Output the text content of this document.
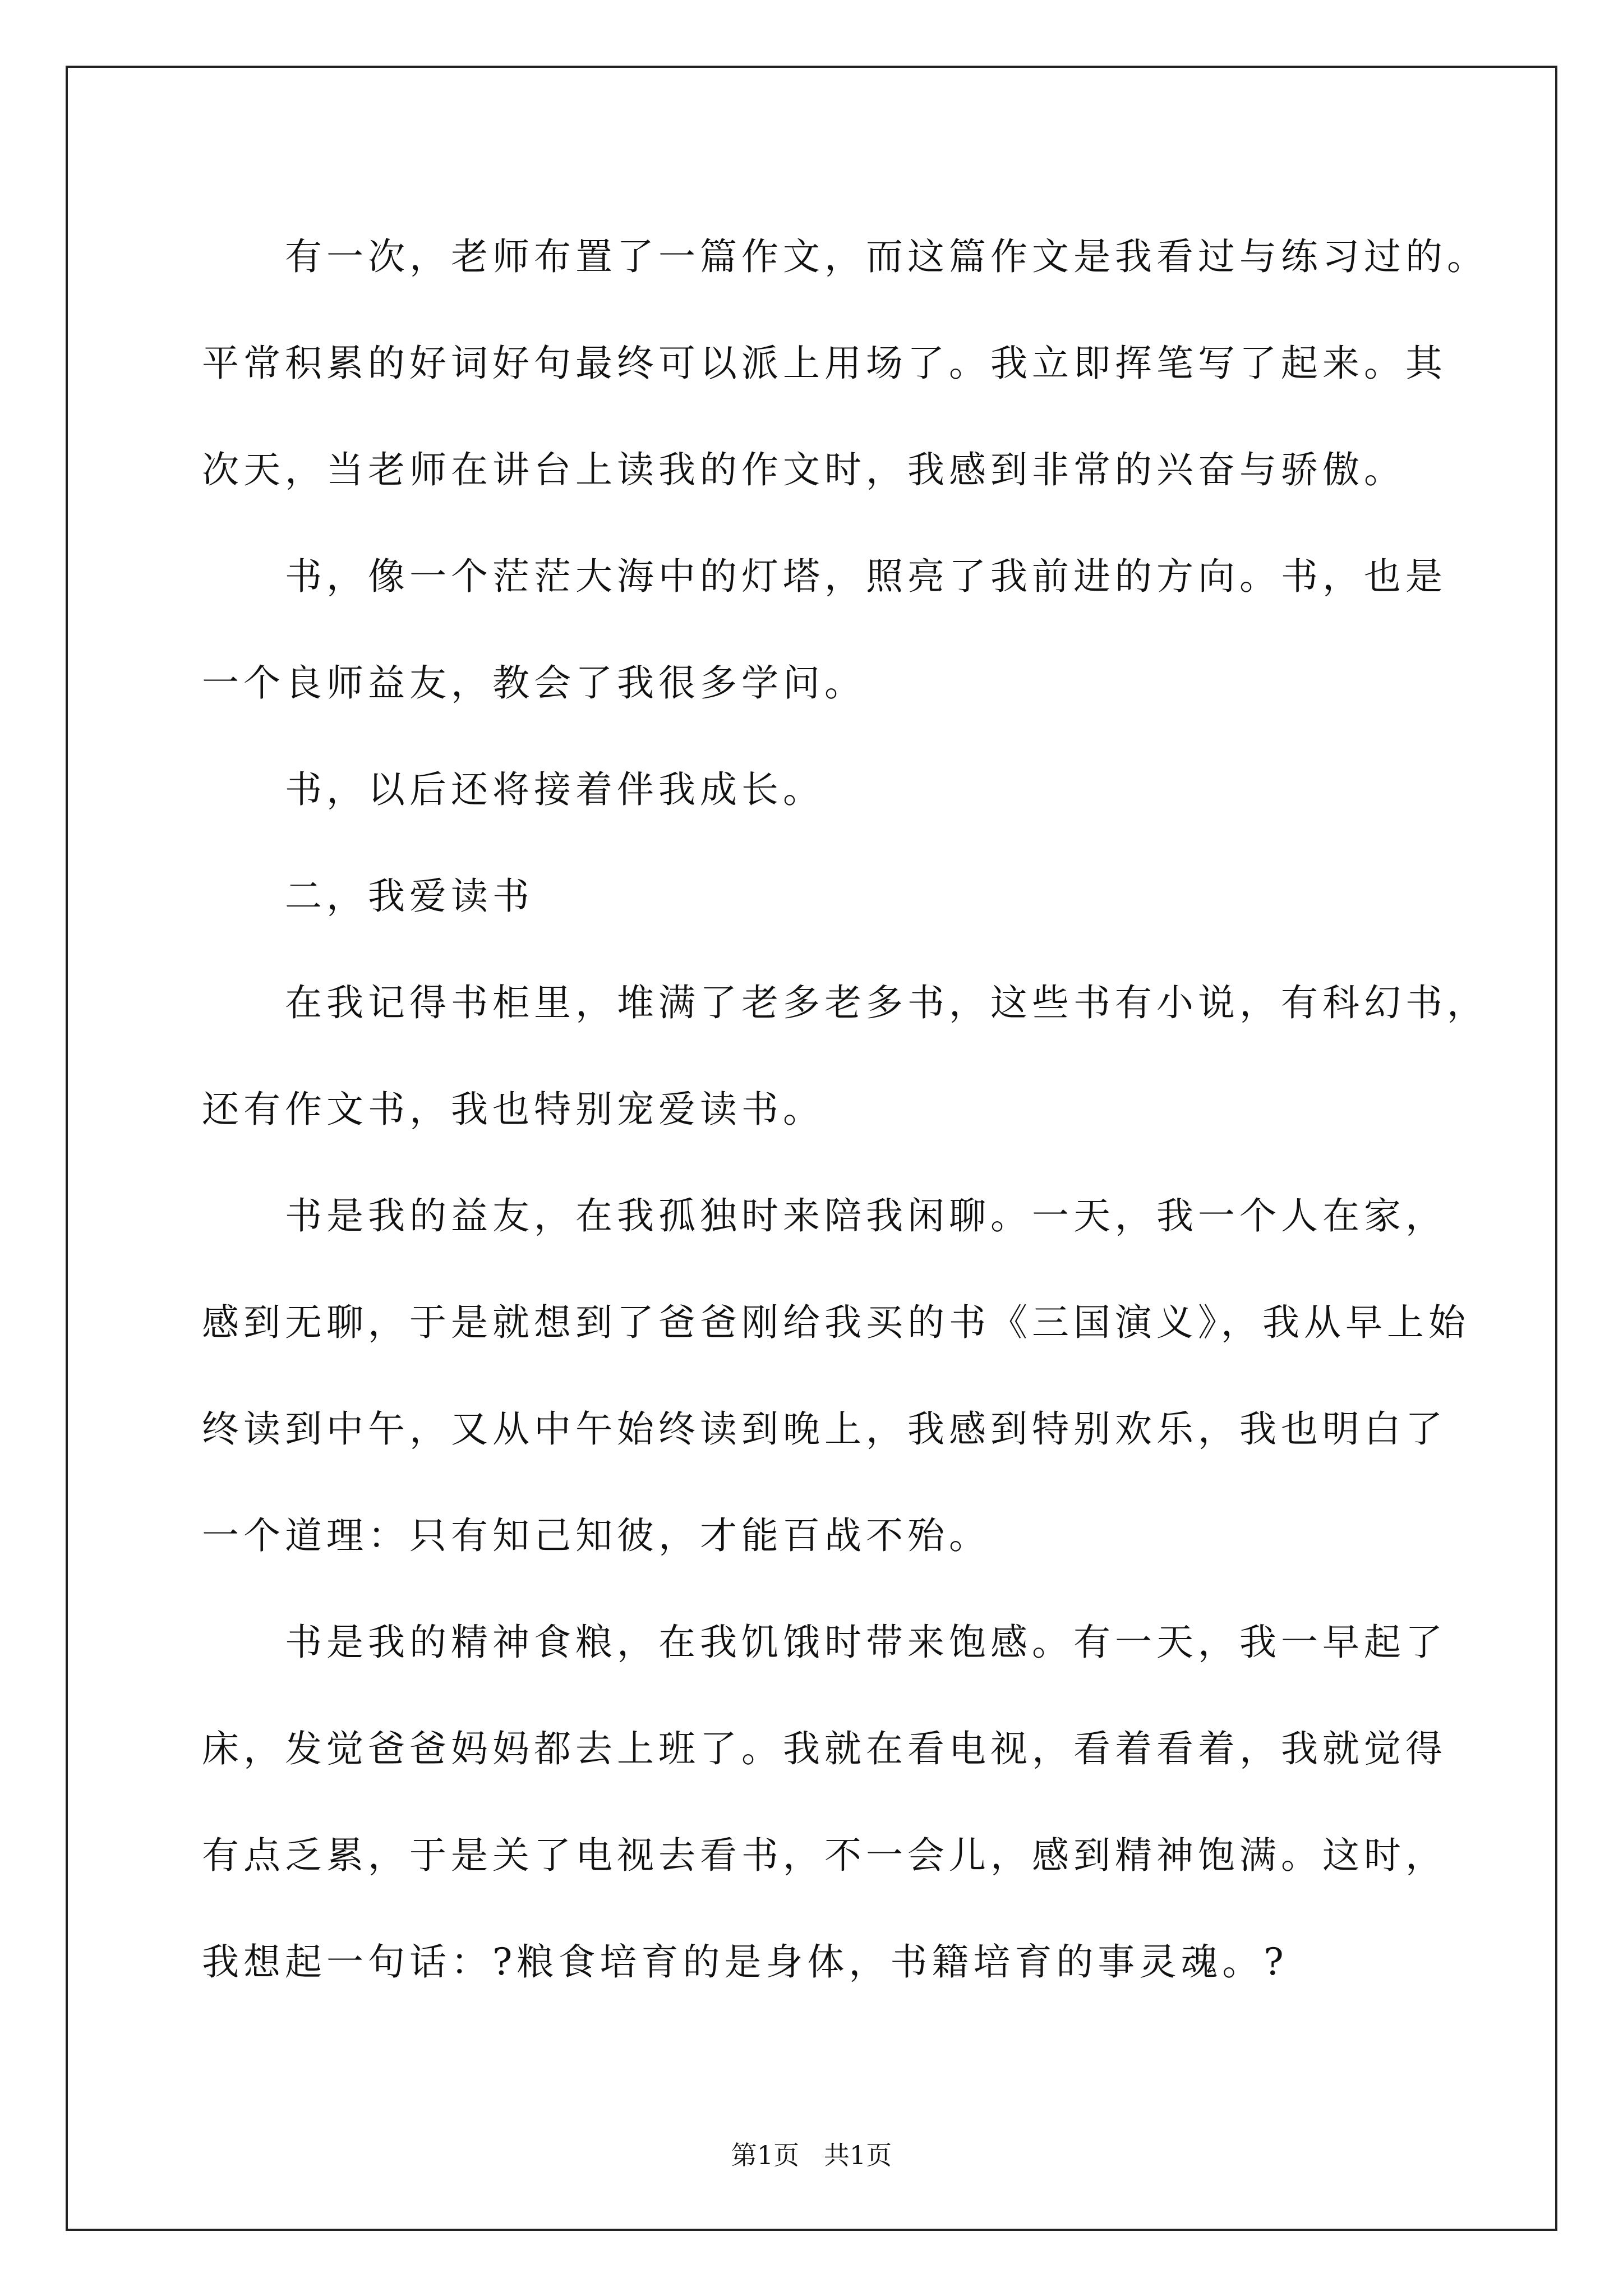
有一次，老师布置了一篇作文，而这篇作文是我看过与练习过的。
平常积累的好词好句最终可以派上用场了。我立即挥笔写了起来。其
次天，当老师在讲台上读我的作文时，我感到非常的兴奋与骄傲。
书，像一个茫茫大海中的灯塔，照亮了我前进的方向。书，也是
一个良师益友，教会了我很多学问。
书，以后还将接着伴我成长。
二，我爱读书
在我记得书柜里，堆满了老多老多书，这些书有小说，有科幻书，
还有作文书，我也特别宠爱读书。
书是我的益友，在我孤独时来陪我闲聊。一天，我一个人在家，
感到无聊，于是就想到了爸爸刚给我买的书《三国演义》，我从早上始
终读到中午，又从中午始终读到晚上，我感到特别欢乐，我也明白了
一个道理：只有知己知彼，才能百战不殆。
书是我的精神食粮，在我饥饿时带来饱感。有一天，我一早起了
床，发觉爸爸妈妈都去上班了。我就在看电视，看着看着，我就觉得
有点乏累，于是关了电视去看书，不一会儿，感到精神饱满。这时，
我想起一句话：?粮食培育的是身体，书籍培育的事灵魂。?
第1页   共1页
